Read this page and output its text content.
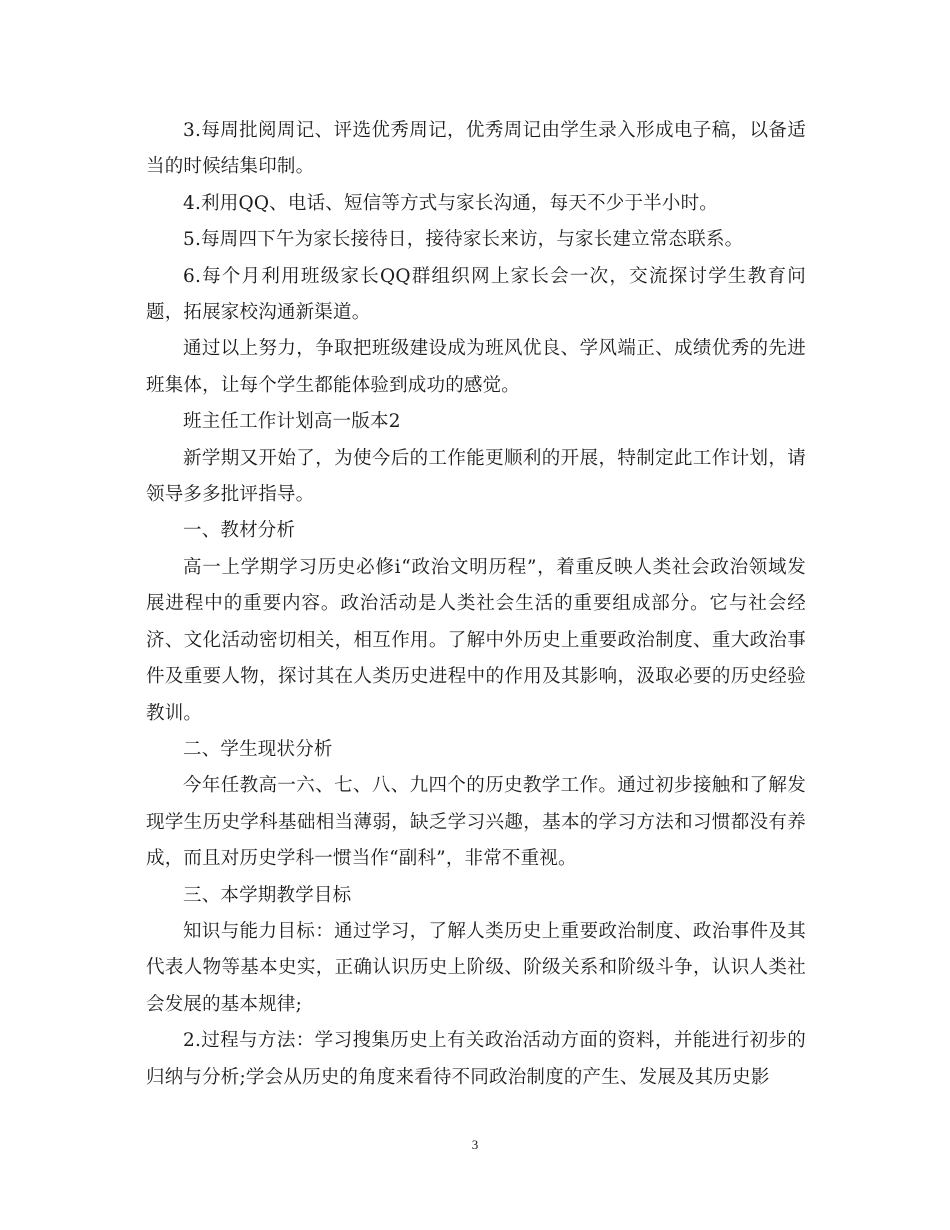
3.每周批阅周记、评选优秀周记，优秀周记由学生录入形成电子稿，以备适当的时候结集印制。

4.利用QQ、电话、短信等方式与家长沟通，每天不少于半小时。

5.每周四下午为家长接待日，接待家长来访，与家长建立常态联系。

6.每个月利用班级家长QQ群组织网上家长会一次，交流探讨学生教育问题，拓展家校沟通新渠道。

通过以上努力，争取把班级建设成为班风优良、学风端正、成绩优秀的先进班集体，让每个学生都能体验到成功的感觉。

班主任工作计划高一版本2

新学期又开始了，为使今后的工作能更顺利的开展，特制定此工作计划，请领导多多批评指导。

一、教材分析

高一上学期学习历史必修ⅰ“政治文明历程”，着重反映人类社会政治领域发展进程中的重要内容。政治活动是人类社会生活的重要组成部分。它与社会经济、文化活动密切相关，相互作用。了解中外历史上重要政治制度、重大政治事件及重要人物，探讨其在人类历史进程中的作用及其影响，汲取必要的历史经验教训。

二、学生现状分析

今年任教高一六、七、八、九四个的历史教学工作。通过初步接触和了解发现学生历史学科基础相当薄弱，缺乏学习兴趣，基本的学习方法和习惯都没有养成，而且对历史学科一惯当作“副科”，非常不重视。

三、本学期教学目标

知识与能力目标：通过学习，了解人类历史上重要政治制度、政治事件及其代表人物等基本史实，正确认识历史上阶级、阶级关系和阶级斗争，认识人类社会发展的基本规律;

2.过程与方法：学习搜集历史上有关政治活动方面的资料，并能进行初步的归纳与分析;学会从历史的角度来看待不同政治制度的产生、发展及其历史影

3
